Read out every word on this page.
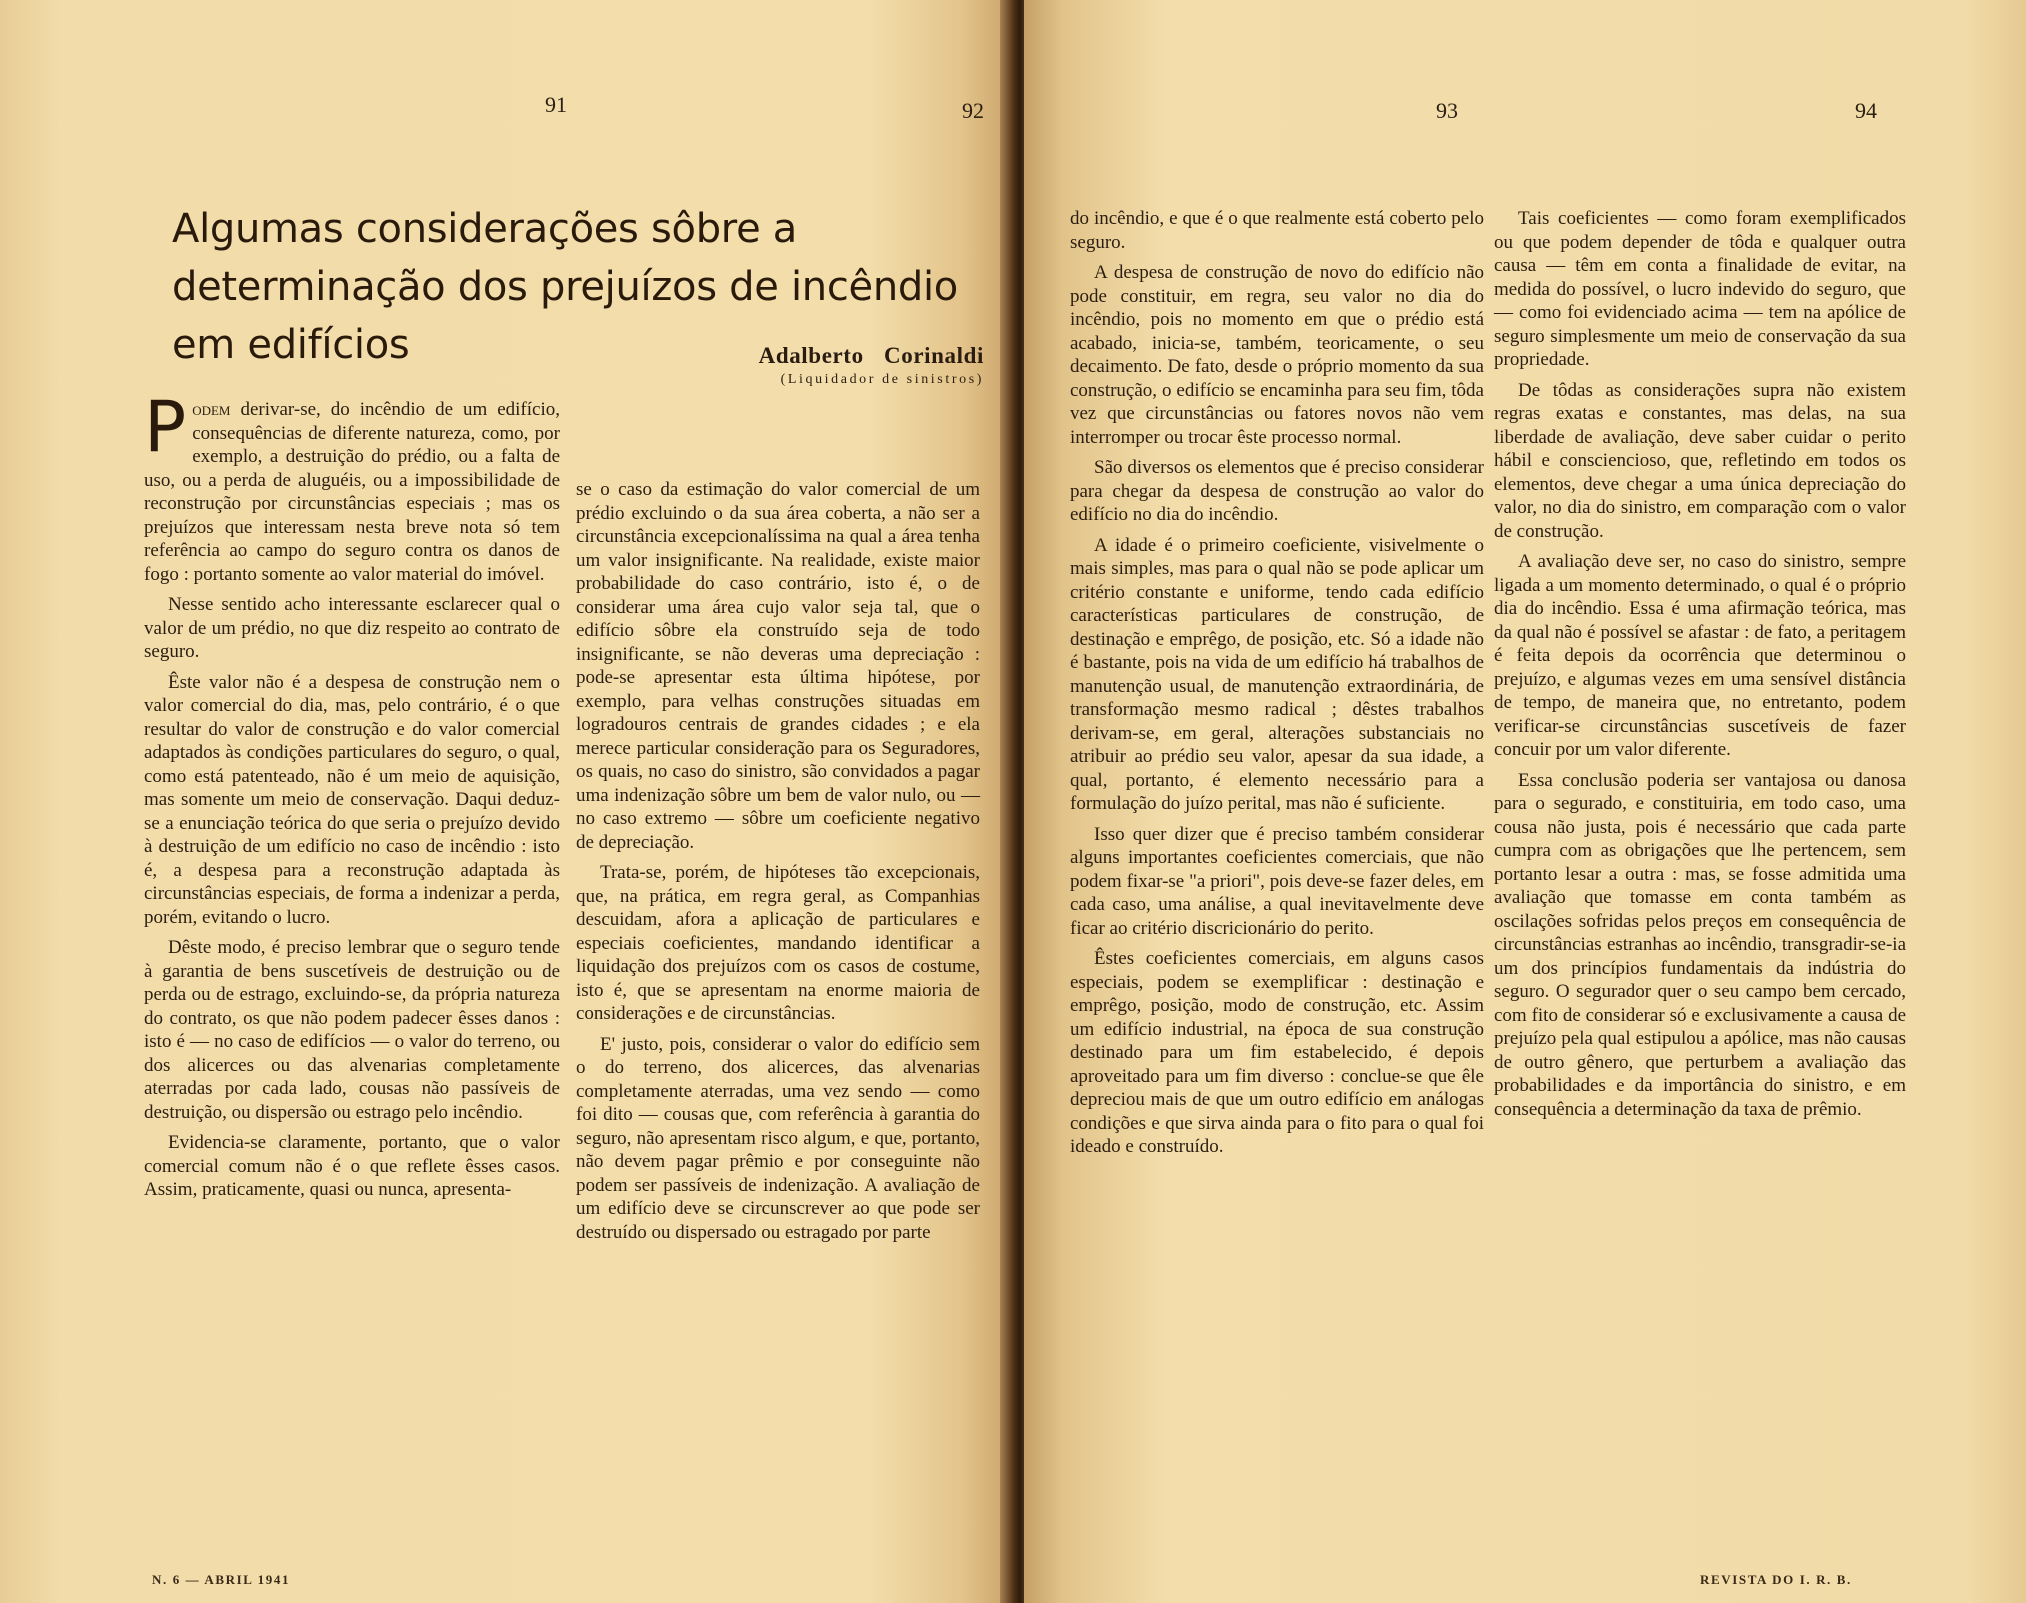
91	92
Algumas considerações sôbre a determinação dos prejuízos de incêndio em edifícios	Adalberto Corinaldi
(Liquidador de sinistros)

Podem derivar-se, do incêndio de um edifício, consequências de diferente natureza, como, por exemplo, a destruição do prédio, ou a falta de uso, ou a perda de aluguéis, ou a impossibilidade de reconstrução por circunstâncias especiais ; mas os prejuízos que interessam nesta breve nota só tem referência ao campo do seguro contra os danos de fogo : portanto somente ao valor material do imóvel.

Nesse sentido acho interessante esclarecer qual o valor de um prédio, no que diz respeito ao contrato de seguro.

Êste valor não é a despesa de construção nem o valor comercial do dia, mas, pelo contrário, é o que resultar do valor de construção e do valor comercial adaptados às condições particulares do seguro, o qual, como está patenteado, não é um meio de aquisição, mas somente um meio de conservação. Daqui deduz-se a enunciação teórica do que seria o prejuízo devido à destruição de um edifício no caso de incêndio : isto é, a despesa para a reconstrução adaptada às circunstâncias especiais, de forma a indenizar a perda, porém, evitando o lucro.

Dêste modo, é preciso lembrar que o seguro tende à garantia de bens suscetíveis de destruição ou de perda ou de estrago, excluindo-se, da própria natureza do contrato, os que não podem padecer êsses danos : isto é — no caso de edifícios — o valor do terreno, ou dos alicerces ou das alvenarias completamente aterradas por cada lado, cousas não passíveis de destruição, ou dispersão ou estrago pelo incêndio.

Evidencia-se claramente, portanto, que o valor comercial comum não é o que reflete êsses casos. Assim, praticamente, quasi ou nunca, apresenta-

se o caso da estimação do valor comercial de um prédio excluindo o da sua área coberta, a não ser a circunstância excepcionalíssima na qual a área tenha um valor insignificante. Na realidade, existe maior probabilidade do caso contrário, isto é, o de considerar uma área cujo valor seja tal, que o edifício sôbre ela construído seja de todo insignificante, se não deveras uma depreciação : pode-se apresentar esta última hipótese, por exemplo, para velhas construções situadas em logradouros centrais de grandes cidades ; e ela merece particular consideração para os Seguradores, os quais, no caso do sinistro, são convidados a pagar uma indenização sôbre um bem de valor nulo, ou — no caso extremo — sôbre um coeficiente negativo de depreciação.

Trata-se, porém, de hipóteses tão excepcionais, que, na prática, em regra geral, as Companhias descuidam, afora a aplicação de particulares e especiais coeficientes, mandando identificar a liquidação dos prejuízos com os casos de costume, isto é, que se apresentam na enorme maioria de considerações e de circunstâncias.

E' justo, pois, considerar o valor do edifício sem o do terreno, dos alicerces, das alvenarias completamente aterradas, uma vez sendo — como foi dito — cousas que, com referência à garantia do seguro, não apresentam risco algum, e que, portanto, não devem pagar prêmio e por conseguinte não podem ser passíveis de indenização. A avaliação de um edifício deve se circunscrever ao que pode ser destruído ou dispersado ou estragado por parte

N. 6 — ABRIL 1941
93	94

do incêndio, e que é o que realmente está coberto pelo seguro.

A despesa de construção de novo do edifício não pode constituir, em regra, seu valor no dia do incêndio, pois no momento em que o prédio está acabado, inicia-se, também, teoricamente, o seu decaimento. De fato, desde o próprio momento da sua construção, o edifício se encaminha para seu fim, tôda vez que circunstâncias ou fatores novos não vem interromper ou trocar êste processo normal.

São diversos os elementos que é preciso considerar para chegar da despesa de construção ao valor do edifício no dia do incêndio.

A idade é o primeiro coeficiente, visivelmente o mais simples, mas para o qual não se pode aplicar um critério constante e uniforme, tendo cada edifício características particulares de construção, de destinação e emprêgo, de posição, etc. Só a idade não é bastante, pois na vida de um edifício há trabalhos de manutenção usual, de manutenção extraordinária, de transformação mesmo radical ; dêstes trabalhos derivam-se, em geral, alterações substanciais no atribuir ao prédio seu valor, apesar da sua idade, a qual, portanto, é elemento necessário para a formulação do juízo perital, mas não é suficiente.

Isso quer dizer que é preciso também considerar alguns importantes coeficientes comerciais, que não podem fixar-se "a priori", pois deve-se fazer deles, em cada caso, uma análise, a qual inevitavelmente deve ficar ao critério discricionário do perito.

Êstes coeficientes comerciais, em alguns casos especiais, podem se exemplificar : destinação e emprêgo, posição, modo de construção, etc. Assim um edifício industrial, na época de sua construção destinado para um fim estabelecido, é depois aproveitado para um fim diverso : conclue-se que êle depreciou mais de que um outro edifício em análogas condições e que sirva ainda para o fito para o qual foi ideado e construído.

Tais coeficientes — como foram exemplificados ou que podem depender de tôda e qualquer outra causa — têm em conta a finalidade de evitar, na medida do possível, o lucro indevido do seguro, que — como foi evidenciado acima — tem na apólice de seguro simplesmente um meio de conservação da sua propriedade.

De tôdas as considerações supra não existem regras exatas e constantes, mas delas, na sua liberdade de avaliação, deve saber cuidar o perito hábil e consciencioso, que, refletindo em todos os elementos, deve chegar a uma única depreciação do valor, no dia do sinistro, em comparação com o valor de construção.

A avaliação deve ser, no caso do sinistro, sempre ligada a um momento determinado, o qual é o próprio dia do incêndio. Essa é uma afirmação teórica, mas da qual não é possível se afastar : de fato, a peritagem é feita depois da ocorrência que determinou o prejuízo, e algumas vezes em uma sensível distância de tempo, de maneira que, no entretanto, podem verificar-se circunstâncias suscetíveis de fazer concuir por um valor diferente.

Essa conclusão poderia ser vantajosa ou danosa para o segurado, e constituiria, em todo caso, uma cousa não justa, pois é necessário que cada parte cumpra com as obrigações que lhe pertencem, sem portanto lesar a outra : mas, se fosse admitida uma avaliação que tomasse em conta também as oscilações sofridas pelos preços em consequência de circunstâncias estranhas ao incêndio, transgradir-se-ia um dos princípios fundamentais da indústria do seguro. O segurador quer o seu campo bem cercado, com fito de considerar só e exclusivamente a causa de prejuízo pela qual estipulou a apólice, mas não causas de outro gênero, que perturbem a avaliação das probabilidades e da importância do sinistro, e em consequência a determinação da taxa de prêmio.

REVISTA DO I. R. B.
